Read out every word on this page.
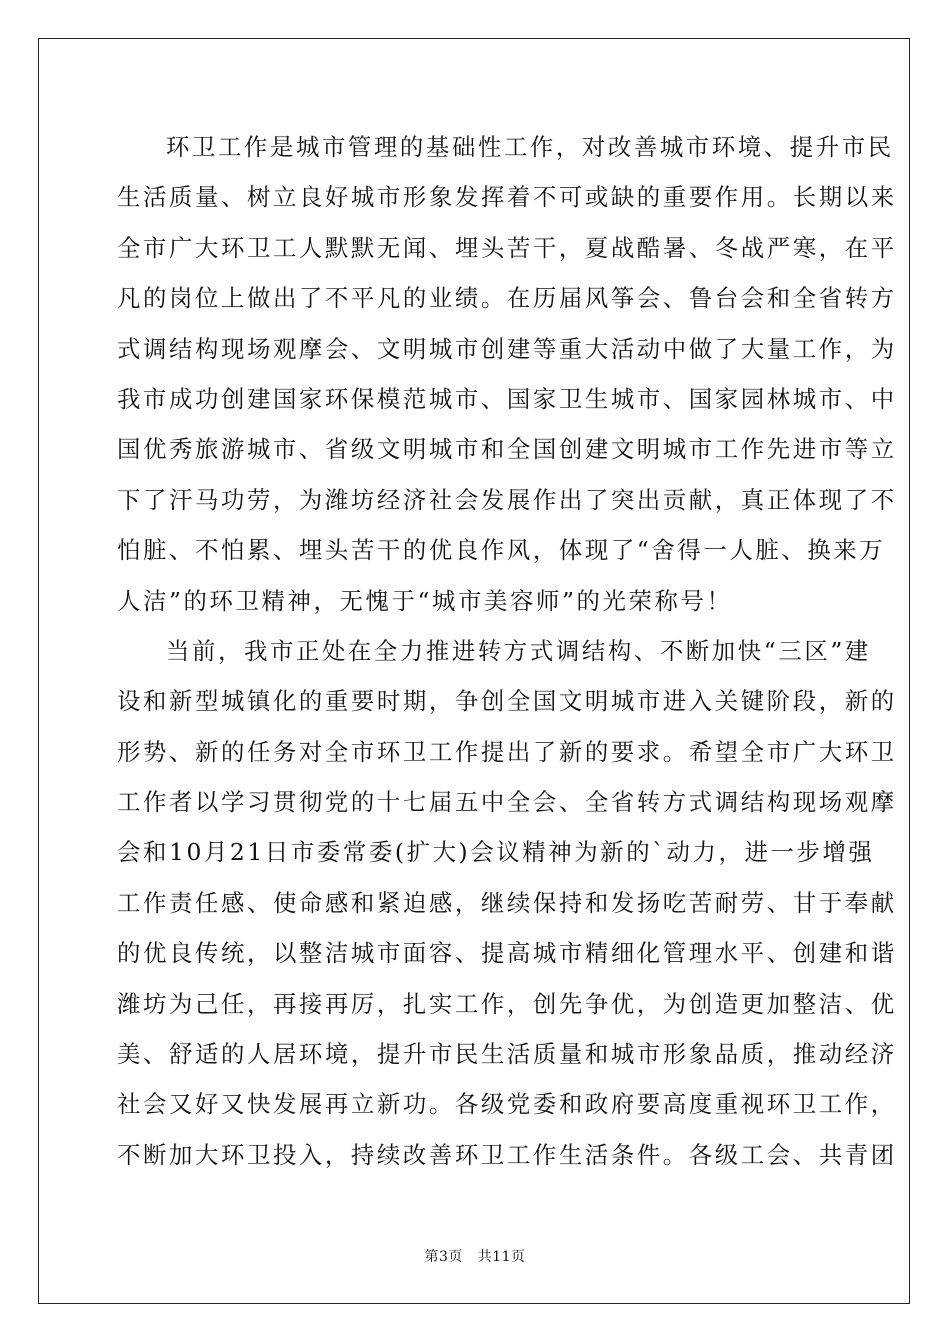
环卫工作是城市管理的基础性工作，对改善城市环境、提升市民
生活质量、树立良好城市形象发挥着不可或缺的重要作用。长期以来
全市广大环卫工人默默无闻、埋头苦干，夏战酷暑、冬战严寒，在平
凡的岗位上做出了不平凡的业绩。在历届风筝会、鲁台会和全省转方
式调结构现场观摩会、文明城市创建等重大活动中做了大量工作，为
我市成功创建国家环保模范城市、国家卫生城市、国家园林城市、中
国优秀旅游城市、省级文明城市和全国创建文明城市工作先进市等立
下了汗马功劳，为潍坊经济社会发展作出了突出贡献，真正体现了不
怕脏、不怕累、埋头苦干的优良作风，体现了“舍得一人脏、换来万
人洁”的环卫精神，无愧于“城市美容师”的光荣称号！
当前，我市正处在全力推进转方式调结构、不断加快“三区”建
设和新型城镇化的重要时期，争创全国文明城市进入关键阶段，新的
形势、新的任务对全市环卫工作提出了新的要求。希望全市广大环卫
工作者以学习贯彻党的十七届五中全会、全省转方式调结构现场观摩
会和10月21日市委常委(扩大)会议精神为新的`动力，进一步增强
工作责任感、使命感和紧迫感，继续保持和发扬吃苦耐劳、甘于奉献
的优良传统，以整洁城市面容、提高城市精细化管理水平、创建和谐
潍坊为己任，再接再厉，扎实工作，创先争优，为创造更加整洁、优
美、舒适的人居环境，提升市民生活质量和城市形象品质，推动经济
社会又好又快发展再立新功。各级党委和政府要高度重视环卫工作，
不断加大环卫投入，持续改善环卫工作生活条件。各级工会、共青团
第3页   共11页
